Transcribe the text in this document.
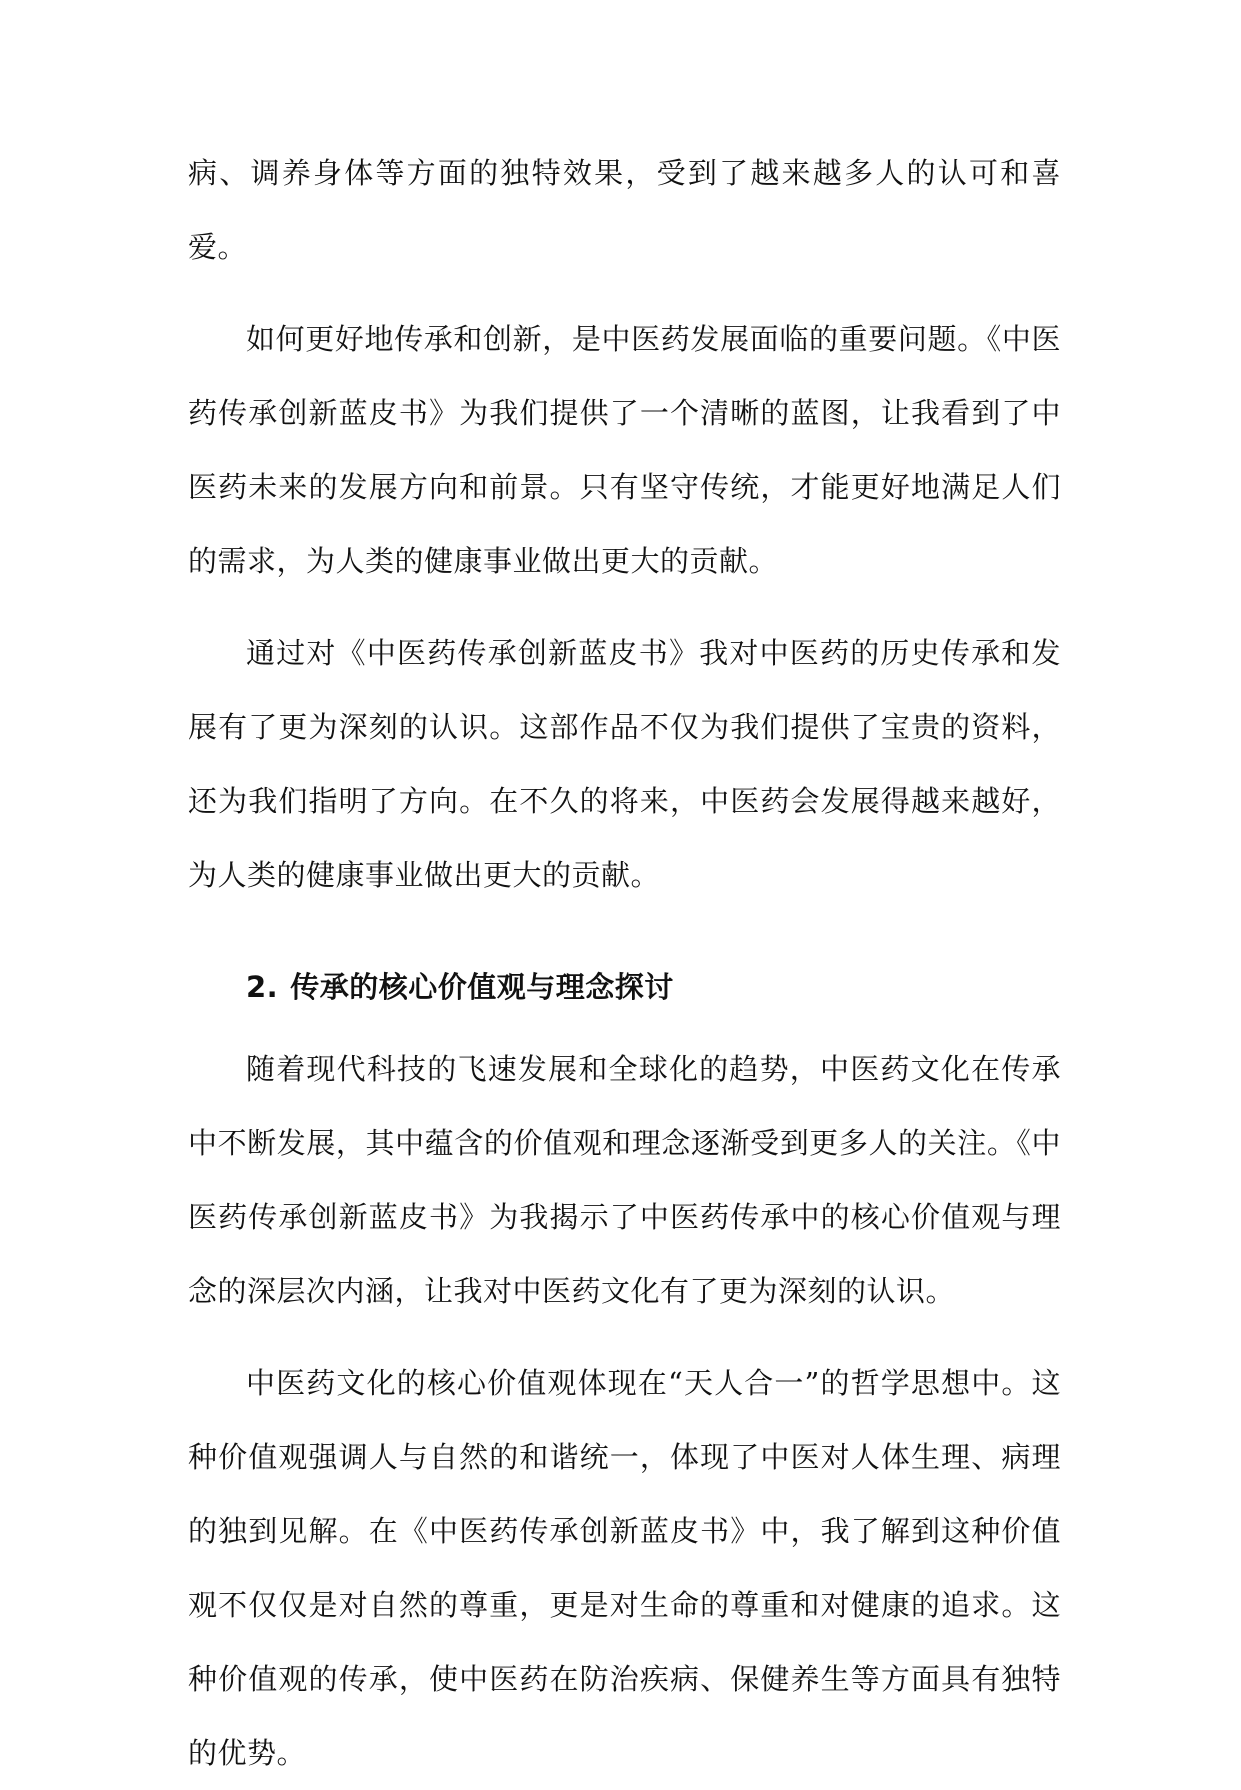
病、调养身体等方面的独特效果，受到了越来越多人的认可和喜爱。

如何更好地传承和创新，是中医药发展面临的重要问题。《中医药传承创新蓝皮书》为我们提供了一个清晰的蓝图，让我看到了中医药未来的发展方向和前景。只有坚守传统，才能更好地满足人们的需求，为人类的健康事业做出更大的贡献。

通过对《中医药传承创新蓝皮书》我对中医药的历史传承和发展有了更为深刻的认识。这部作品不仅为我们提供了宝贵的资料，还为我们指明了方向。在不久的将来，中医药会发展得越来越好，为人类的健康事业做出更大的贡献。

2. 传承的核心价值观与理念探讨

随着现代科技的飞速发展和全球化的趋势，中医药文化在传承中不断发展，其中蕴含的价值观和理念逐渐受到更多人的关注。《中医药传承创新蓝皮书》为我揭示了中医药传承中的核心价值观与理念的深层次内涵，让我对中医药文化有了更为深刻的认识。

中医药文化的核心价值观体现在“天人合一”的哲学思想中。这种价值观强调人与自然的和谐统一，体现了中医对人体生理、病理的独到见解。在《中医药传承创新蓝皮书》中，我了解到这种价值观不仅仅是对自然的尊重，更是对生命的尊重和对健康的追求。这种价值观的传承，使中医药在防治疾病、保健养生等方面具有独特的优势。
